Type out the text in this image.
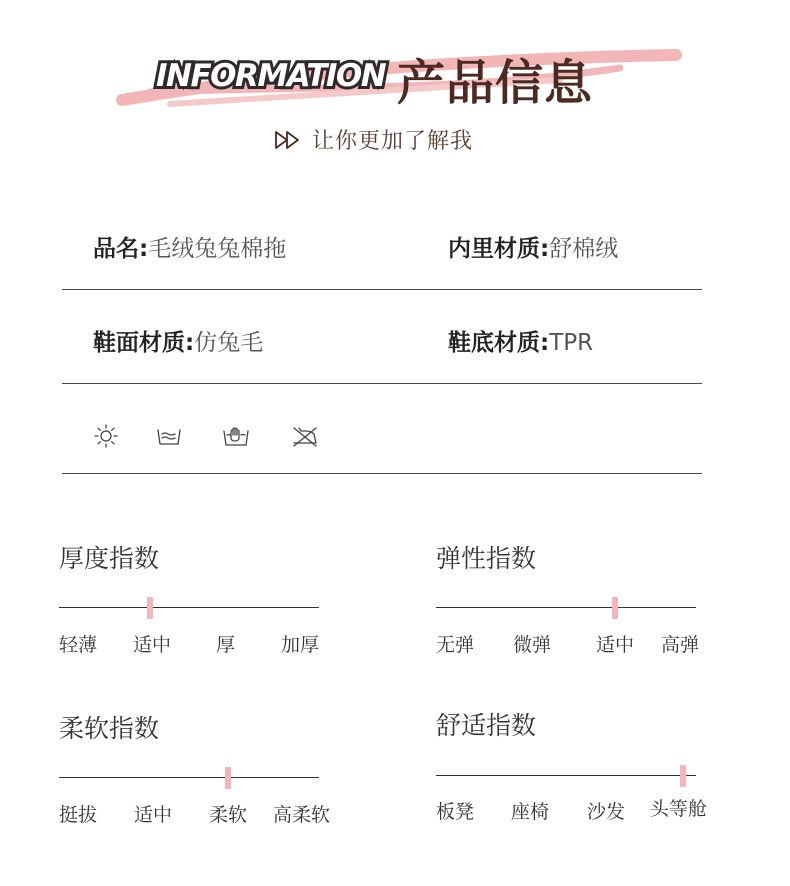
INFORMATION 产品信息
让你更加了解我
品名:毛绒兔兔棉拖	内里材质:舒棉绒
鞋面材质:仿兔毛	鞋底材质:TPR
厚度指数
轻薄 适中 厚 加厚
弹性指数
无弹 微弹 适中 高弹
柔软指数
挺拔 适中 柔软 高柔软
舒适指数
板凳 座椅 沙发 头等舱
